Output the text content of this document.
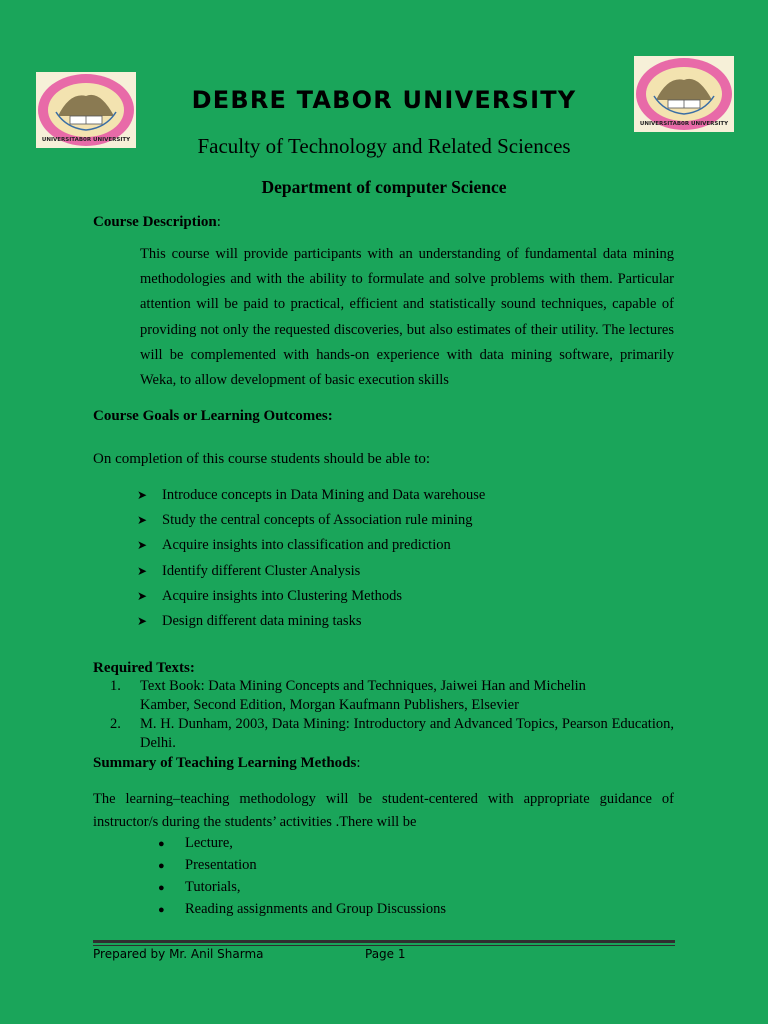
UNIVERSITAB0R UNIVERSITY
UNIVERSITAB0R UNIVERSITY
DEBRE TABOR UNIVERSITY
Faculty of Technology and Related Sciences
Department of computer Science
Course Description:
This course will provide participants with an understanding of fundamental data mining methodologies and with the ability to formulate and solve problems with them. Particular attention will be paid to practical, efficient and statistically sound techniques, capable of providing not only the requested discoveries, but also estimates of their utility. The lectures will be complemented with hands-on experience with data mining software, primarily Weka, to allow development of basic execution skills
Course Goals or Learning Outcomes:
On completion of this course students should be able to:
➤ Introduce concepts in Data Mining and Data warehouse
➤ Study the central concepts of Association rule mining
➤ Acquire insights into classification and prediction
➤ Identify different Cluster Analysis
➤ Acquire insights into Clustering Methods
➤ Design different data mining tasks
Required Texts:
1.	Text Book: Data Mining Concepts and Techniques, Jaiwei Han and Michelin Kamber, Second Edition, Morgan Kaufmann Publishers, Elsevier
2.	M. H. Dunham, 2003, Data Mining: Introductory and Advanced Topics, Pearson Education, Delhi.
Summary of Teaching Learning Methods:
The learning–teaching methodology will be student-centered with appropriate guidance of instructor/s during the students’ activities .There will be
● Lecture,
● Presentation
● Tutorials,
● Reading assignments and Group Discussions
Prepared by Mr. Anil Sharma	Page 1
